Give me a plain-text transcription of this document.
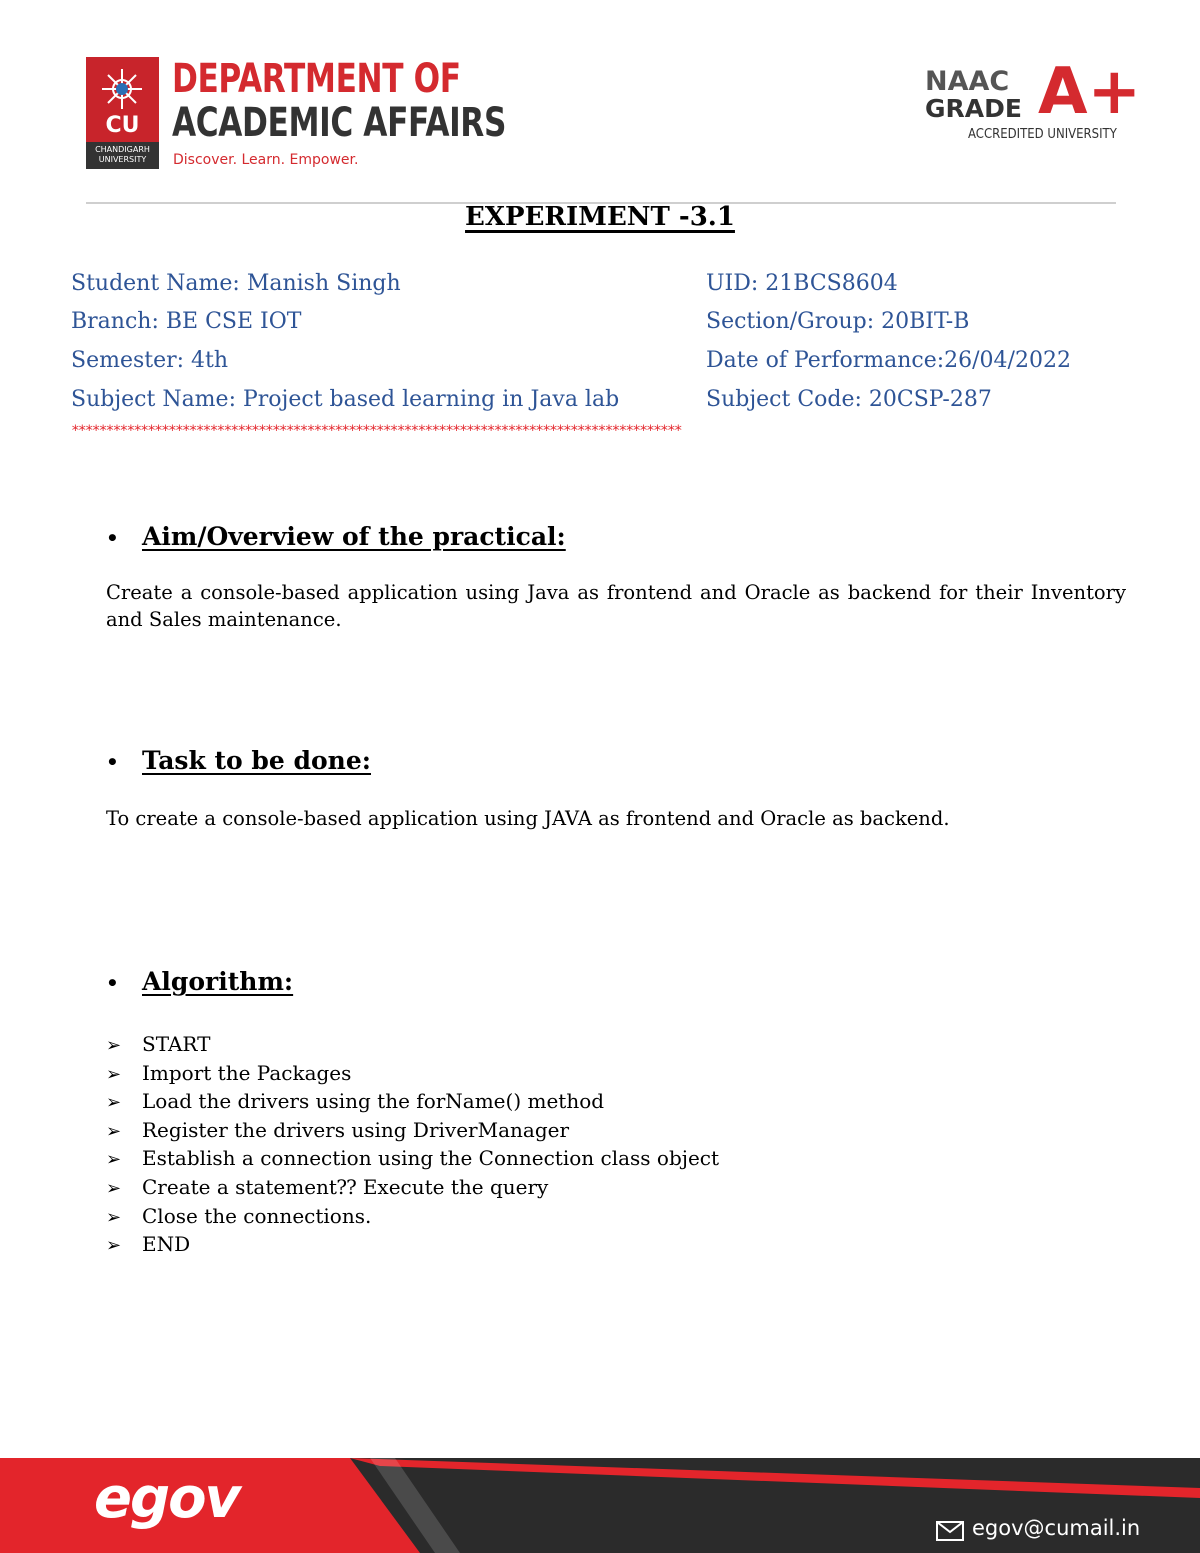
CU
CHANDIGARH
UNIVERSITY
DEPARTMENT OF
ACADEMIC AFFAIRS
Discover. Learn. Empower.
NAAC
GRADE A+
ACCREDITED UNIVERSITY
EXPERIMENT -3.1
Student Name: Manish Singh	UID: 21BCS8604
Branch: BE CSE IOT	Section/Group: 20BIT-B
Semester: 4th	Date of Performance:26/04/2022
Subject Name: Project based learning in Java lab	Subject Code: 20CSP-287
****************************************************************************************
• Aim/Overview of the practical:
Create a console-based application using Java as frontend and Oracle as backend for their Inventory and Sales maintenance.
• Task to be done:
To create a console-based application using JAVA as frontend and Oracle as backend.
• Algorithm:
➢ START
➢ Import the Packages
➢ Load the drivers using the forName() method
➢ Register the drivers using DriverManager
➢ Establish a connection using the Connection class object
➢ Create a statement⁇ Execute the query
➢ Close the connections.
➢ END
egov	egov@cumail.in
